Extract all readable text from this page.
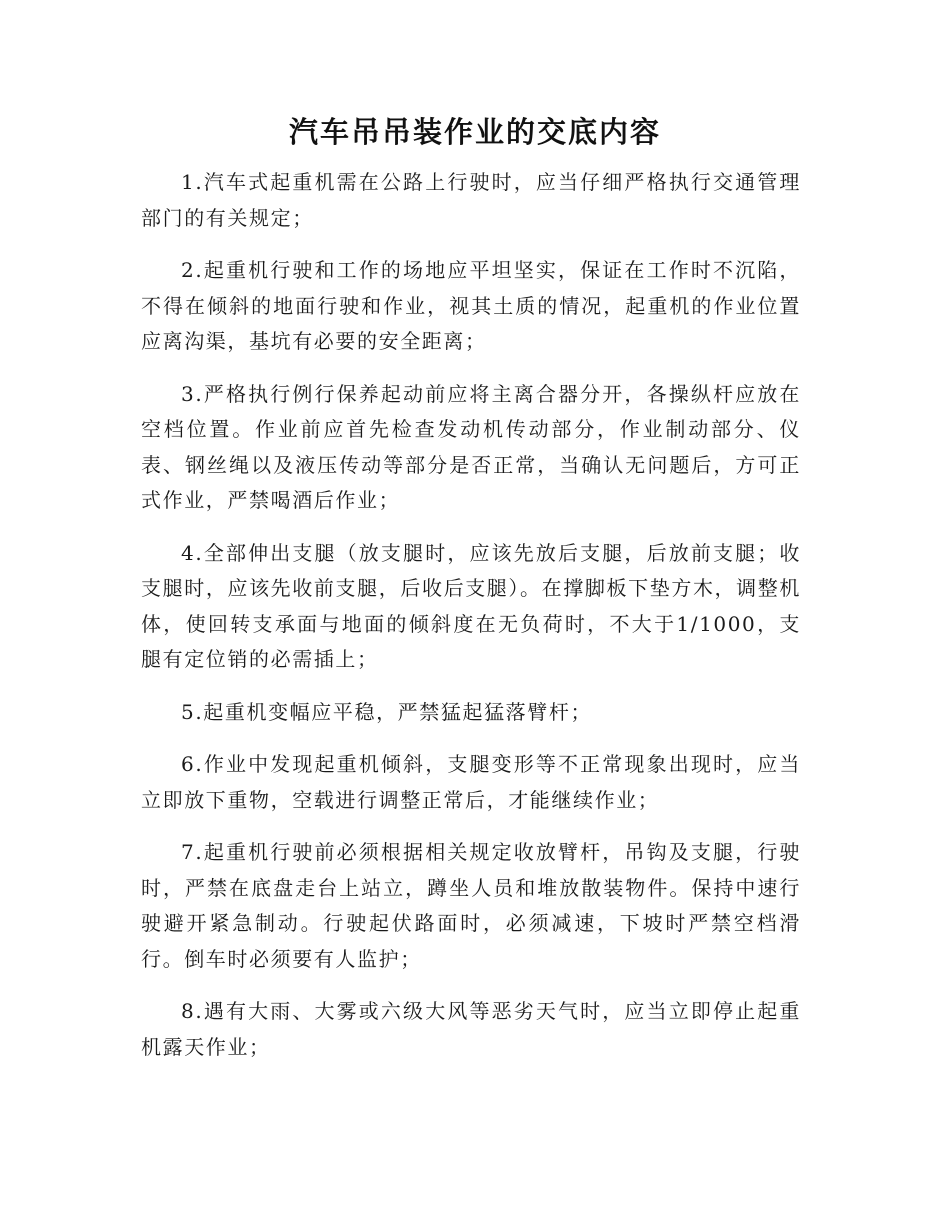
汽车吊吊装作业的交底内容

1.汽车式起重机需在公路上行驶时，应当仔细严格执行交通管理部门的有关规定；

2.起重机行驶和工作的场地应平坦坚实，保证在工作时不沉陷，不得在倾斜的地面行驶和作业，视其土质的情况，起重机的作业位置应离沟渠，基坑有必要的安全距离；

3.严格执行例行保养起动前应将主离合器分开，各操纵杆应放在空档位置。作业前应首先检查发动机传动部分，作业制动部分、仪表、钢丝绳以及液压传动等部分是否正常，当确认无问题后，方可正式作业，严禁喝酒后作业；

4.全部伸出支腿（放支腿时，应该先放后支腿，后放前支腿；收支腿时，应该先收前支腿，后收后支腿）。在撑脚板下垫方木，调整机体，使回转支承面与地面的倾斜度在无负荷时，不大于1/1000，支腿有定位销的必需插上；

5.起重机变幅应平稳，严禁猛起猛落臂杆；

6.作业中发现起重机倾斜，支腿变形等不正常现象出现时，应当立即放下重物，空载进行调整正常后，才能继续作业；

7.起重机行驶前必须根据相关规定收放臂杆，吊钩及支腿，行驶时，严禁在底盘走台上站立，蹲坐人员和堆放散装物件。保持中速行驶避开紧急制动。行驶起伏路面时，必须减速，下坡时严禁空档滑行。倒车时必须要有人监护；

8.遇有大雨、大雾或六级大风等恶劣天气时，应当立即停止起重机露天作业；
